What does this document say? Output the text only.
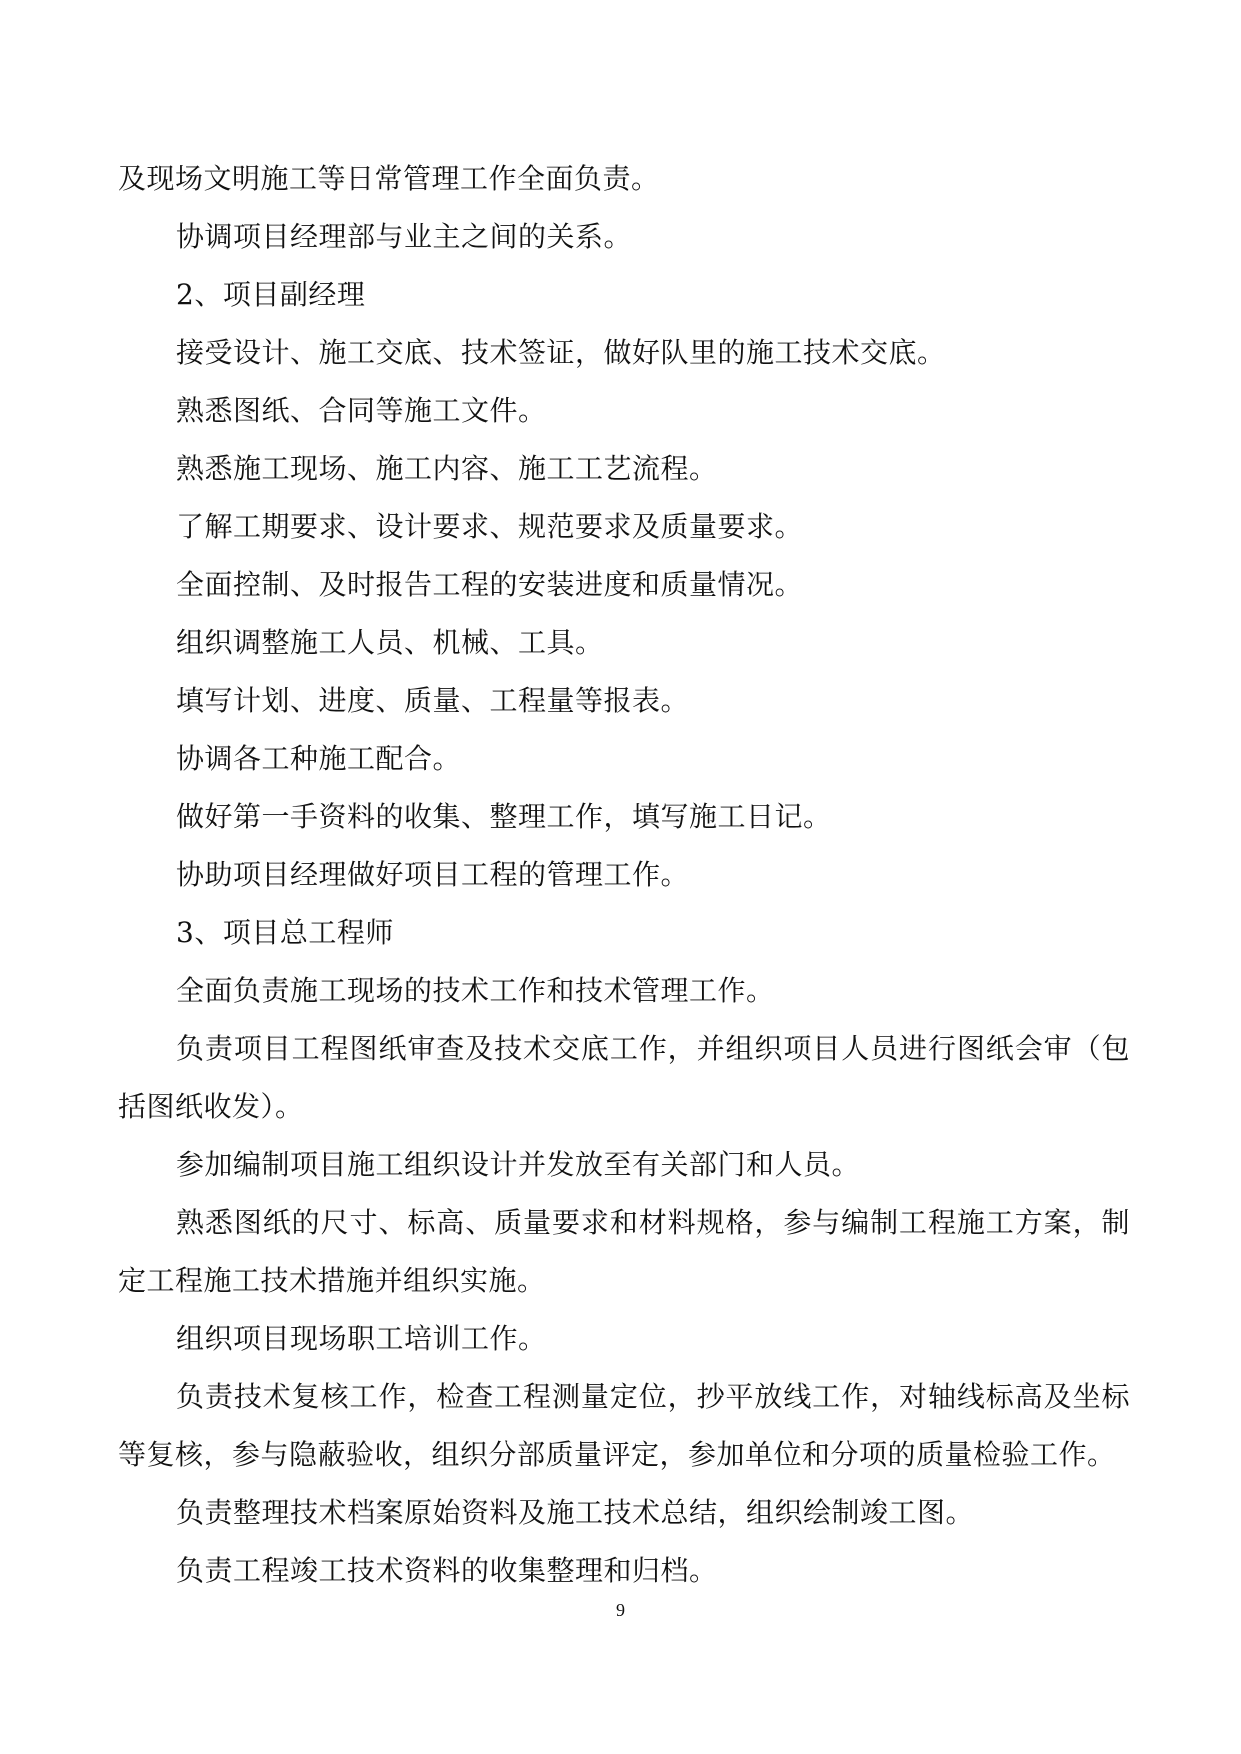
及现场文明施工等日常管理工作全面负责。

协调项目经理部与业主之间的关系。

2、项目副经理

接受设计、施工交底、技术签证，做好队里的施工技术交底。

熟悉图纸、合同等施工文件。

熟悉施工现场、施工内容、施工工艺流程。

了解工期要求、设计要求、规范要求及质量要求。

全面控制、及时报告工程的安装进度和质量情况。

组织调整施工人员、机械、工具。

填写计划、进度、质量、工程量等报表。

协调各工种施工配合。

做好第一手资料的收集、整理工作，填写施工日记。

协助项目经理做好项目工程的管理工作。

3、项目总工程师

全面负责施工现场的技术工作和技术管理工作。

负责项目工程图纸审查及技术交底工作，并组织项目人员进行图纸会审（包括图纸收发）。

参加编制项目施工组织设计并发放至有关部门和人员。

熟悉图纸的尺寸、标高、质量要求和材料规格，参与编制工程施工方案，制定工程施工技术措施并组织实施。

组织项目现场职工培训工作。

负责技术复核工作，检查工程测量定位，抄平放线工作，对轴线标高及坐标等复核，参与隐蔽验收，组织分部质量评定，参加单位和分项的质量检验工作。

负责整理技术档案原始资料及施工技术总结，组织绘制竣工图。

负责工程竣工技术资料的收集整理和归档。

9
